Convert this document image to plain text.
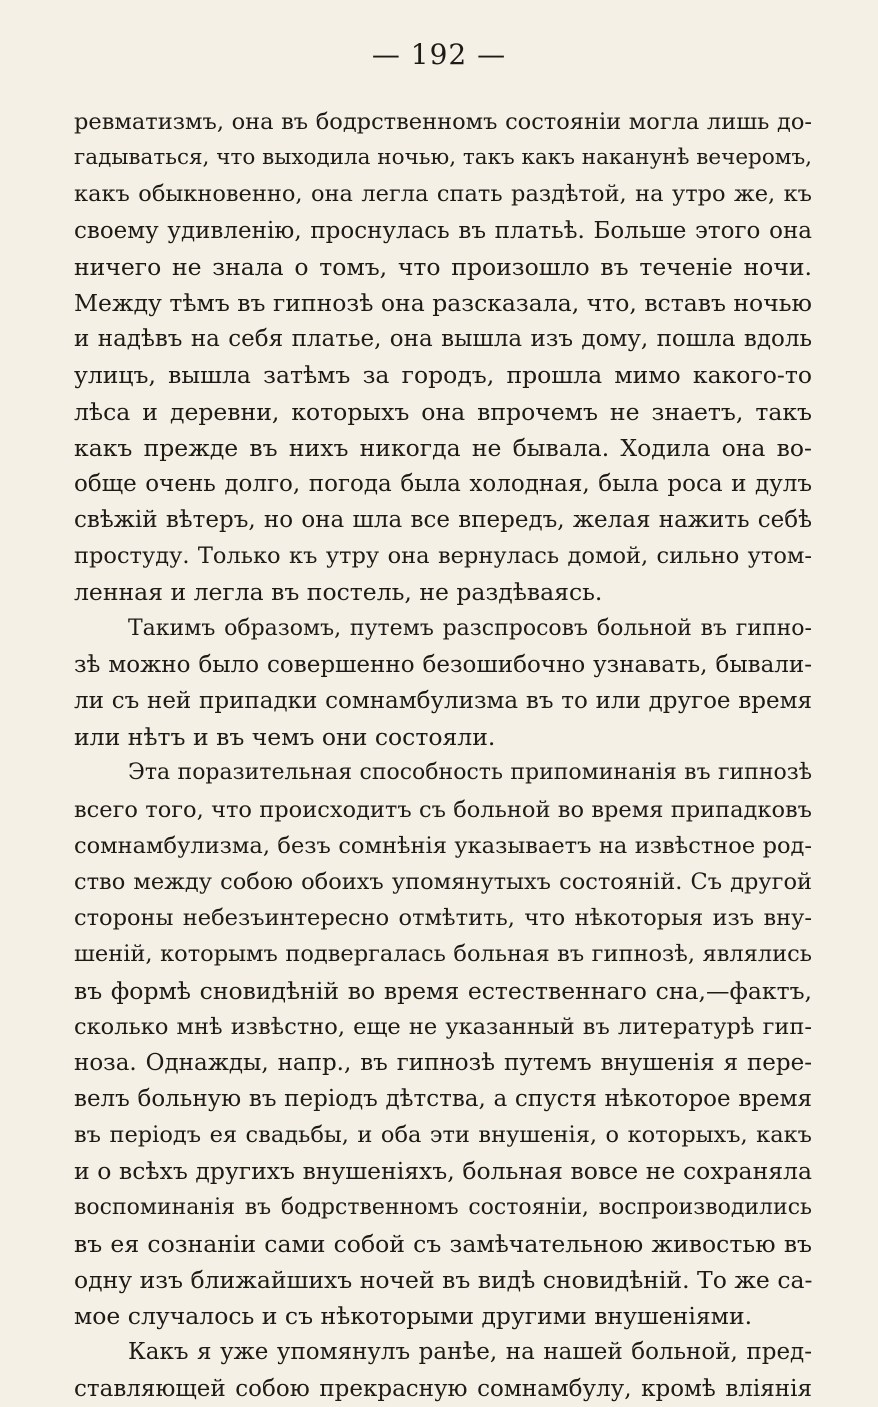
— 192 —
ревматизмъ, она въ бодрственномъ состояніи могла лишь до-
гадываться, что выходила ночью, такъ какъ наканунѣ вечеромъ,
какъ обыкновенно, она легла спать раздѣтой, на утро же, къ
своему удивленію, проснулась въ платьѣ. Больше этого она
ничего не знала о томъ, что произошло въ теченіе ночи.
Между тѣмъ въ гипнозѣ она разсказала, что, вставъ ночью
и надѣвъ на себя платье, она вышла изъ дому, пошла вдоль
улицъ, вышла затѣмъ за городъ, прошла мимо какого-то
лѣса и деревни, которыхъ она впрочемъ не знаетъ, такъ
какъ прежде въ нихъ никогда не бывала. Ходила она во-
обще очень долго, погода была холодная, была роса и дулъ
свѣжій вѣтеръ, но она шла все впередъ, желая нажить себѣ
простуду. Только къ утру она вернулась домой, сильно утом-
ленная и легла въ постель, не раздѣваясь.
Такимъ образомъ, путемъ разспросовъ больной въ гипно-
зѣ можно было совершенно безошибочно узнавать, бывали-
ли съ ней припадки сомнамбулизма въ то или другое время
или нѣтъ и въ чемъ они состояли.
Эта поразительная способность припоминанія въ гипнозѣ
всего того, что происходитъ съ больной во время припадковъ
сомнамбулизма, безъ сомнѣнія указываетъ на извѣстное род-
ство между собою обоихъ упомянутыхъ состояній. Съ другой
стороны небезъинтересно отмѣтить, что нѣкоторыя изъ вну-
шеній, которымъ подвергалась больная въ гипнозѣ, являлись
въ формѣ сновидѣній во время естественнаго сна,—фактъ,
сколько мнѣ извѣстно, еще не указанный въ литературѣ гип-
ноза. Однажды, напр., въ гипнозѣ путемъ внушенія я пере-
велъ больную въ періодъ дѣтства, а спустя нѣкоторое время
въ періодъ ея свадьбы, и оба эти внушенія, о которыхъ, какъ
и о всѣхъ другихъ внушеніяхъ, больная вовсе не сохраняла
воспоминанія въ бодрственномъ состояніи, воспроизводились
въ ея сознаніи сами собой съ замѣчательною живостью въ
одну изъ ближайшихъ ночей въ видѣ сновидѣній. То же са-
мое случалось и съ нѣкоторыми другими внушеніями.
Какъ я уже упомянулъ ранѣе, на нашей больной, пред-
ставляющей собою прекрасную сомнамбулу, кромѣ вліянія
